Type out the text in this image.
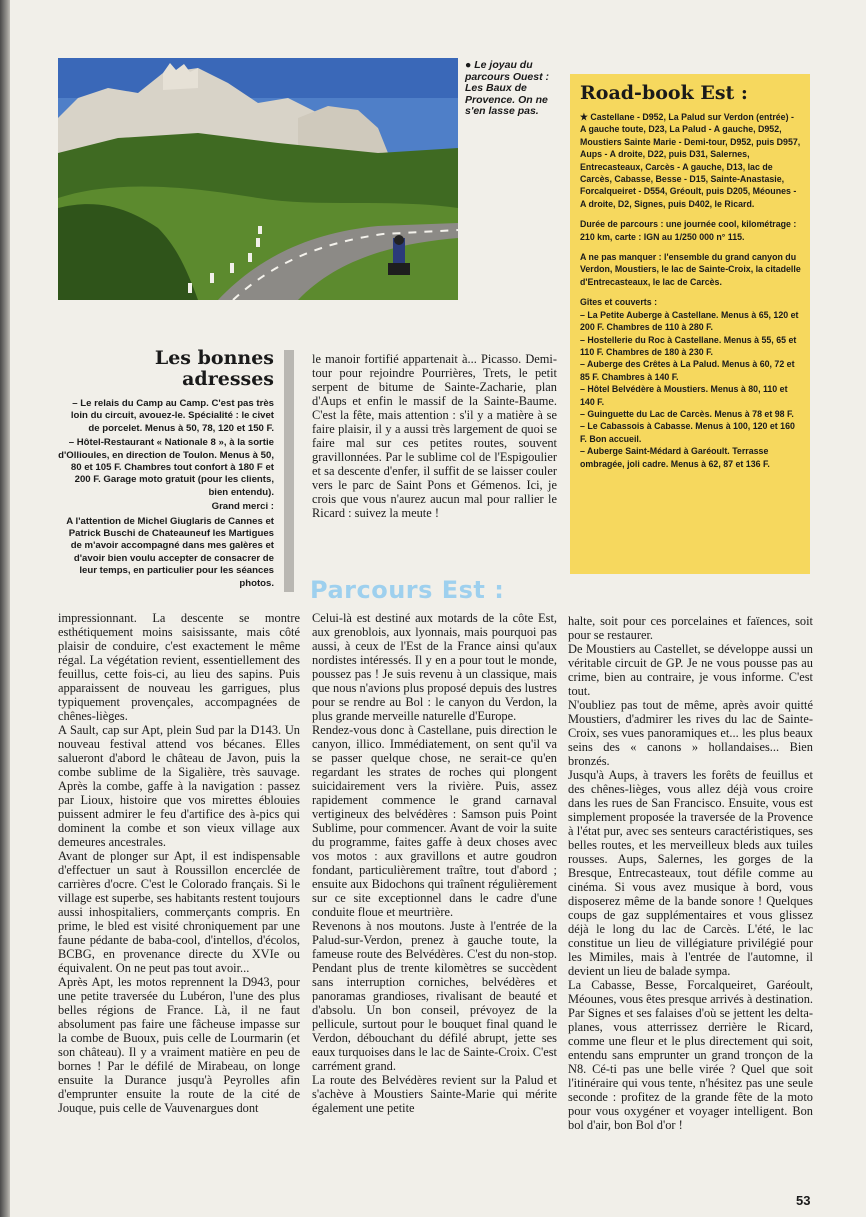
● Le joyau du parcours Ouest : Les Baux de Provence. On ne s'en lasse pas.
Road-book Est :

★ Castellane - D952, La Palud sur Verdon (entrée) - A gauche toute, D23, La Palud - A gauche, D952, Moustiers Sainte Marie - Demi-tour, D952, puis D957, Aups - A droite, D22, puis D31, Salernes, Entrecasteaux, Carcès - A gauche, D13, lac de Carcès, Cabasse, Besse - D15, Sainte-Anastasie, Forcalqueiret - D554, Gréoult, puis D205, Méounes - A droite, D2, Signes, puis D402, le Ricard.

Durée de parcours : une journée cool, kilométrage : 210 km, carte : IGN au 1/250 000 n° 115.

A ne pas manquer : l'ensemble du grand canyon du Verdon, Moustiers, le lac de Sainte-Croix, la citadelle d'Entrecasteaux, le lac de Carcès.

Gîtes et couverts :
– La Petite Auberge à Castellane. Menus à 65, 120 et 200 F. Chambres de 110 à 280 F.
– Hostellerie du Roc à Castellane. Menus à 55, 65 et 110 F. Chambres de 180 à 230 F.
– Auberge des Crêtes à La Palud. Menus à 60, 72 et 85 F. Chambres à 140 F.
– Hôtel Belvédère à Moustiers. Menus à 80, 110 et 140 F.
– Guinguette du Lac de Carcès. Menus à 78 et 98 F.
– Le Cabassois à Cabasse. Menus à 100, 120 et 160 F. Bon accueil.
– Auberge Saint-Médard à Garéoult. Terrasse ombragée, joli cadre. Menus à 62, 87 et 136 F.
Les bonnes adresses

– Le relais du Camp au Camp. C'est pas très loin du circuit, avouez-le. Spécialité : le civet de porcelet. Menus à 50, 78, 120 et 150 F.

– Hôtel-Restaurant « Nationale 8 », à la sortie d'Ollioules, en direction de Toulon. Menus à 50, 80 et 105 F. Chambres tout confort à 180 F et 200 F. Garage moto gratuit (pour les clients, bien entendu).

Grand merci :

A l'attention de Michel Giuglaris de Cannes et Patrick Buschi de Chateauneuf les Martigues de m'avoir accompagné dans mes galères et d'avoir bien voulu accepter de consacrer de leur temps, en particulier pour les séances photos.

le manoir fortifié appartenait à... Picasso. Demi-tour pour rejoindre Pourrières, Trets, le petit serpent de bitume de Sainte-Zacharie, plan d'Aups et enfin le massif de la Sainte-Baume. C'est la fête, mais attention : s'il y a matière à se faire plaisir, il y a aussi très largement de quoi se faire mal sur ces petites routes, souvent gravillonnées. Par le sublime col de l'Espigoulier et sa descente d'enfer, il suffit de se laisser couler vers le parc de Saint Pons et Gémenos. Ici, je crois que vous n'aurez aucun mal pour rallier le Ricard : suivez la meute !

Parcours Est :

impressionnant. La descente se montre esthétiquement moins saisissante, mais côté plaisir de conduire, c'est exactement le même régal. La végétation revient, essentiellement des feuillus, cette fois-ci, au lieu des sapins. Puis apparaissent de nouveau les garrigues, plus typiquement provençales, accompagnées de chênes-lièges.

A Sault, cap sur Apt, plein Sud par la D143. Un nouveau festival attend vos bécanes. Elles salueront d'abord le château de Javon, puis la combe sublime de la Sigalière, très sauvage. Après la combe, gaffe à la navigation : passez par Lioux, histoire que vos mirettes éblouies puissent admirer le feu d'artifice des à-pics qui dominent la combe et son vieux village aux demeures ancestrales.

Avant de plonger sur Apt, il est indispensable d'effectuer un saut à Roussillon encerclée de carrières d'ocre. C'est le Colorado français. Si le village est superbe, ses habitants restent toujours aussi inhospitaliers, commerçants compris. En prime, le bled est visité chroniquement par une faune pédante de baba-cool, d'intellos, d'écolos, BCBG, en provenance directe du XVIe ou équivalent. On ne peut pas tout avoir...

Après Apt, les motos reprennent la D943, pour une petite traversée du Lubéron, l'une des plus belles régions de France. Là, il ne faut absolument pas faire une fâcheuse impasse sur la combe de Buoux, puis celle de Lourmarin (et son château). Il y a vraiment matière en peu de bornes ! Par le défilé de Mirabeau, on longe ensuite la Durance jusqu'à Peyrolles afin d'emprunter ensuite la route de la cité de Jouque, puis celle de Vauvenargues dont

Celui-là est destiné aux motards de la côte Est, aux grenoblois, aux lyonnais, mais pourquoi pas aussi, à ceux de l'Est de la France ainsi qu'aux nordistes intéressés. Il y en a pour tout le monde, poussez pas ! Je suis revenu à un classique, mais que nous n'avions plus proposé depuis des lustres pour se rendre au Bol : le canyon du Verdon, la plus grande merveille naturelle d'Europe.

Rendez-vous donc à Castellane, puis direction le canyon, illico. Immédiatement, on sent qu'il va se passer quelque chose, ne serait-ce qu'en regardant les strates de roches qui plongent suicidairement vers la rivière. Puis, assez rapidement commence le grand carnaval vertigineux des belvédères : Samson puis Point Sublime, pour commencer. Avant de voir la suite du programme, faites gaffe à deux choses avec vos motos : aux gravillons et autre goudron fondant, particulièrement traître, tout d'abord ; ensuite aux Bidochons qui traînent régulièrement sur ce site exceptionnel dans le cadre d'une conduite floue et meurtrière.

Revenons à nos moutons. Juste à l'entrée de la Palud-sur-Verdon, prenez à gauche toute, la fameuse route des Belvédères. C'est du non-stop. Pendant plus de trente kilomètres se succèdent sans interruption corniches, belvédères et panoramas grandioses, rivalisant de beauté et d'absolu. Un bon conseil, prévoyez de la pellicule, surtout pour le bouquet final quand le Verdon, débouchant du défilé abrupt, jette ses eaux turquoises dans le lac de Sainte-Croix. C'est carrément grand.

La route des Belvédères revient sur la Palud et s'achève à Moustiers Sainte-Marie qui mérite également une petite

halte, soit pour ces porcelaines et faïences, soit pour se restaurer.

De Moustiers au Castellet, se développe aussi un véritable circuit de GP. Je ne vous pousse pas au crime, bien au contraire, je vous informe. C'est tout.

N'oubliez pas tout de même, après avoir quitté Moustiers, d'admirer les rives du lac de Sainte-Croix, ses vues panoramiques et... les plus beaux seins des « canons » hollandaises... Bien bronzés.

Jusqu'à Aups, à travers les forêts de feuillus et des chênes-lièges, vous allez déjà vous croire dans les rues de San Francisco. Ensuite, vous est simplement proposée la traversée de la Provence à l'état pur, avec ses senteurs caractéristiques, ses belles routes, et les merveilleux bleds aux tuiles rousses. Aups, Salernes, les gorges de la Bresque, Entrecasteaux, tout défile comme au cinéma. Si vous avez musique à bord, vous disposerez même de la bande sonore ! Quelques coups de gaz supplémentaires et vous glissez déjà le long du lac de Carcès. L'été, le lac constitue un lieu de villégiature privilégié pour les Mimiles, mais à l'entrée de l'automne, il devient un lieu de balade sympa.

La Cabasse, Besse, Forcalqueiret, Garéoult, Méounes, vous êtes presque arrivés à destination. Par Signes et ses falaises d'où se jettent les delta-planes, vous atterrissez derrière le Ricard, comme une fleur et le plus directement qui soit, entendu sans emprunter un grand tronçon de la N8. Cé-ti pas une belle virée ? Quel que soit l'itinéraire qui vous tente, n'hésitez pas une seule seconde : profitez de la grande fête de la moto pour vous oxygéner et voyager intelligent. Bon bol d'air, bon Bol d'or !

53
